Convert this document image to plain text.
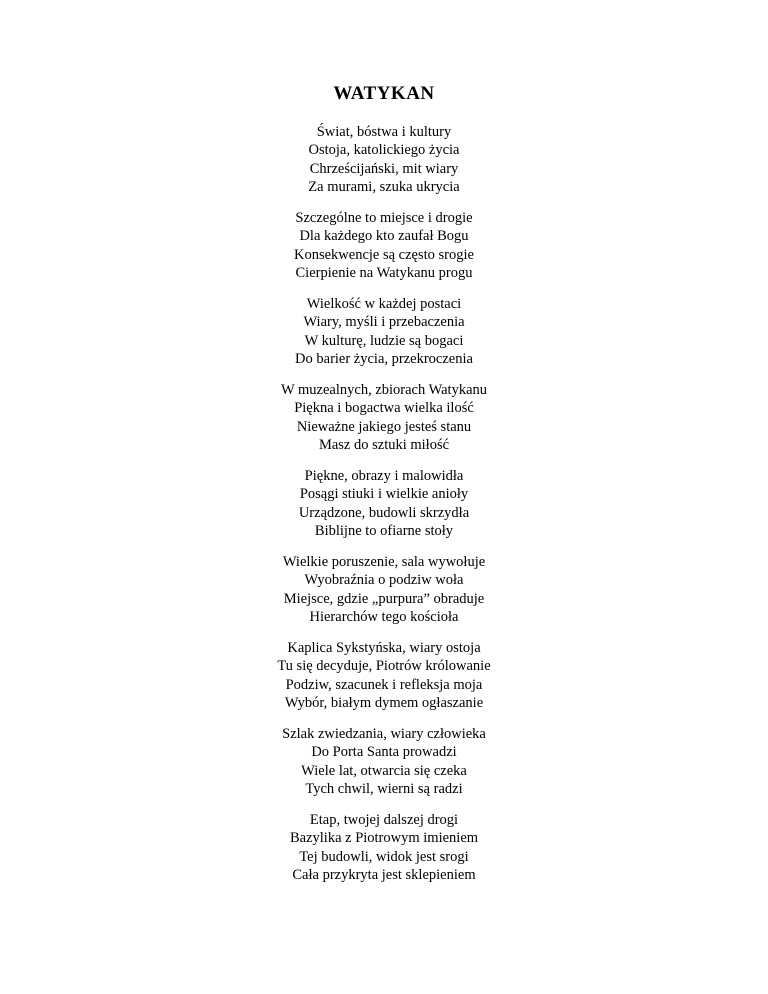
WATYKAN
Świat, bóstwa i kultury
Ostoja, katolickiego życia
Chrześcijański, mit wiary
Za murami, szuka ukrycia
Szczególne to miejsce i drogie
Dla każdego kto zaufał Bogu
Konsekwencje są często srogie
Cierpienie na Watykanu progu
Wielkość w każdej postaci
Wiary, myśli i przebaczenia
W kulturę, ludzie są bogaci
Do barier życia, przekroczenia
W muzealnych, zbiorach Watykanu
Piękna i bogactwa wielka ilość
Nieważne jakiego jesteś stanu
Masz do sztuki miłość
Piękne, obrazy i malowidła
Posągi stiuki i wielkie anioły
Urządzone, budowli skrzydła
Biblijne to ofiarne stoły
Wielkie poruszenie, sala wywołuje
Wyobraźnia o podziw woła
Miejsce, gdzie „purpura” obraduje
Hierarchów tego kościoła
Kaplica Sykstyńska, wiary ostoja
Tu się decyduje, Piotrów królowanie
Podziw, szacunek i refleksja moja
Wybór, białym dymem ogłaszanie
Szlak zwiedzania, wiary człowieka
Do Porta Santa prowadzi
Wiele lat, otwarcia się czeka
Tych chwil, wierni są radzi
Etap, twojej dalszej drogi
Bazylika z Piotrowym imieniem
Tej budowli, widok jest srogi
Cała przykryta jest sklepieniem
